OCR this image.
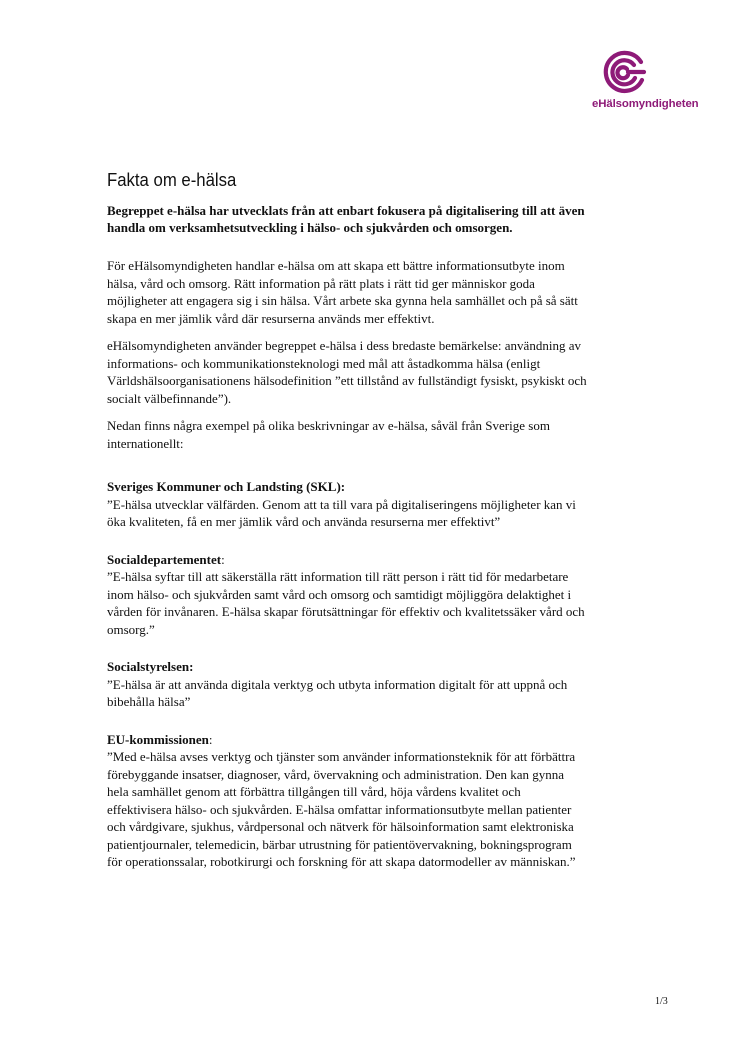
eHälsomyndigheten
Fakta om e-hälsa

Begreppet e-hälsa har utvecklats från att enbart fokusera på digitalisering till att även handla om verksamhetsutveckling i hälso- och sjukvården och omsorgen.

För eHälsomyndigheten handlar e-hälsa om att skapa ett bättre informationsutbyte inom hälsa, vård och omsorg. Rätt information på rätt plats i rätt tid ger människor goda möjligheter att engagera sig i sin hälsa. Vårt arbete ska gynna hela samhället och på så sätt skapa en mer jämlik vård där resurserna används mer effektivt.

eHälsomyndigheten använder begreppet e-hälsa i dess bredaste bemärkelse: användning av informations- och kommunikationsteknologi med mål att åstadkomma hälsa (enligt Världshälsoorganisationens hälsodefinition ”ett tillstånd av fullständigt fysiskt, psykiskt och socialt välbefinnande”).

Nedan finns några exempel på olika beskrivningar av e-hälsa, såväl från Sverige som internationellt:

Sveriges Kommuner och Landsting (SKL):

”E-hälsa utvecklar välfärden. Genom att ta till vara på digitaliseringens möjligheter kan vi öka kvaliteten, få en mer jämlik vård och använda resurserna mer effektivt”

Socialdepartementet:

”E-hälsa syftar till att säkerställa rätt information till rätt person i rätt tid för medarbetare inom hälso- och sjukvården samt vård och omsorg och samtidigt möjliggöra delaktighet i vården för invånaren. E-hälsa skapar förutsättningar för effektiv och kvalitetssäker vård och omsorg.”

Socialstyrelsen:

”E-hälsa är att använda digitala verktyg och utbyta information digitalt för att uppnå och bibehålla hälsa”

EU-kommissionen:

”Med e-hälsa avses verktyg och tjänster som använder informationsteknik för att förbättra förebyggande insatser, diagnoser, vård, övervakning och administration. Den kan gynna hela samhället genom att förbättra tillgången till vård, höja vårdens kvalitet och effektivisera hälso- och sjukvården. E-hälsa omfattar informationsutbyte mellan patienter och vårdgivare, sjukhus, vårdpersonal och nätverk för hälsoinformation samt elektroniska patientjournaler, telemedicin, bärbar utrustning för patientövervakning, bokningsprogram för operationssalar, robotkirurgi och forskning för att skapa datormodeller av människan.”

1/3
